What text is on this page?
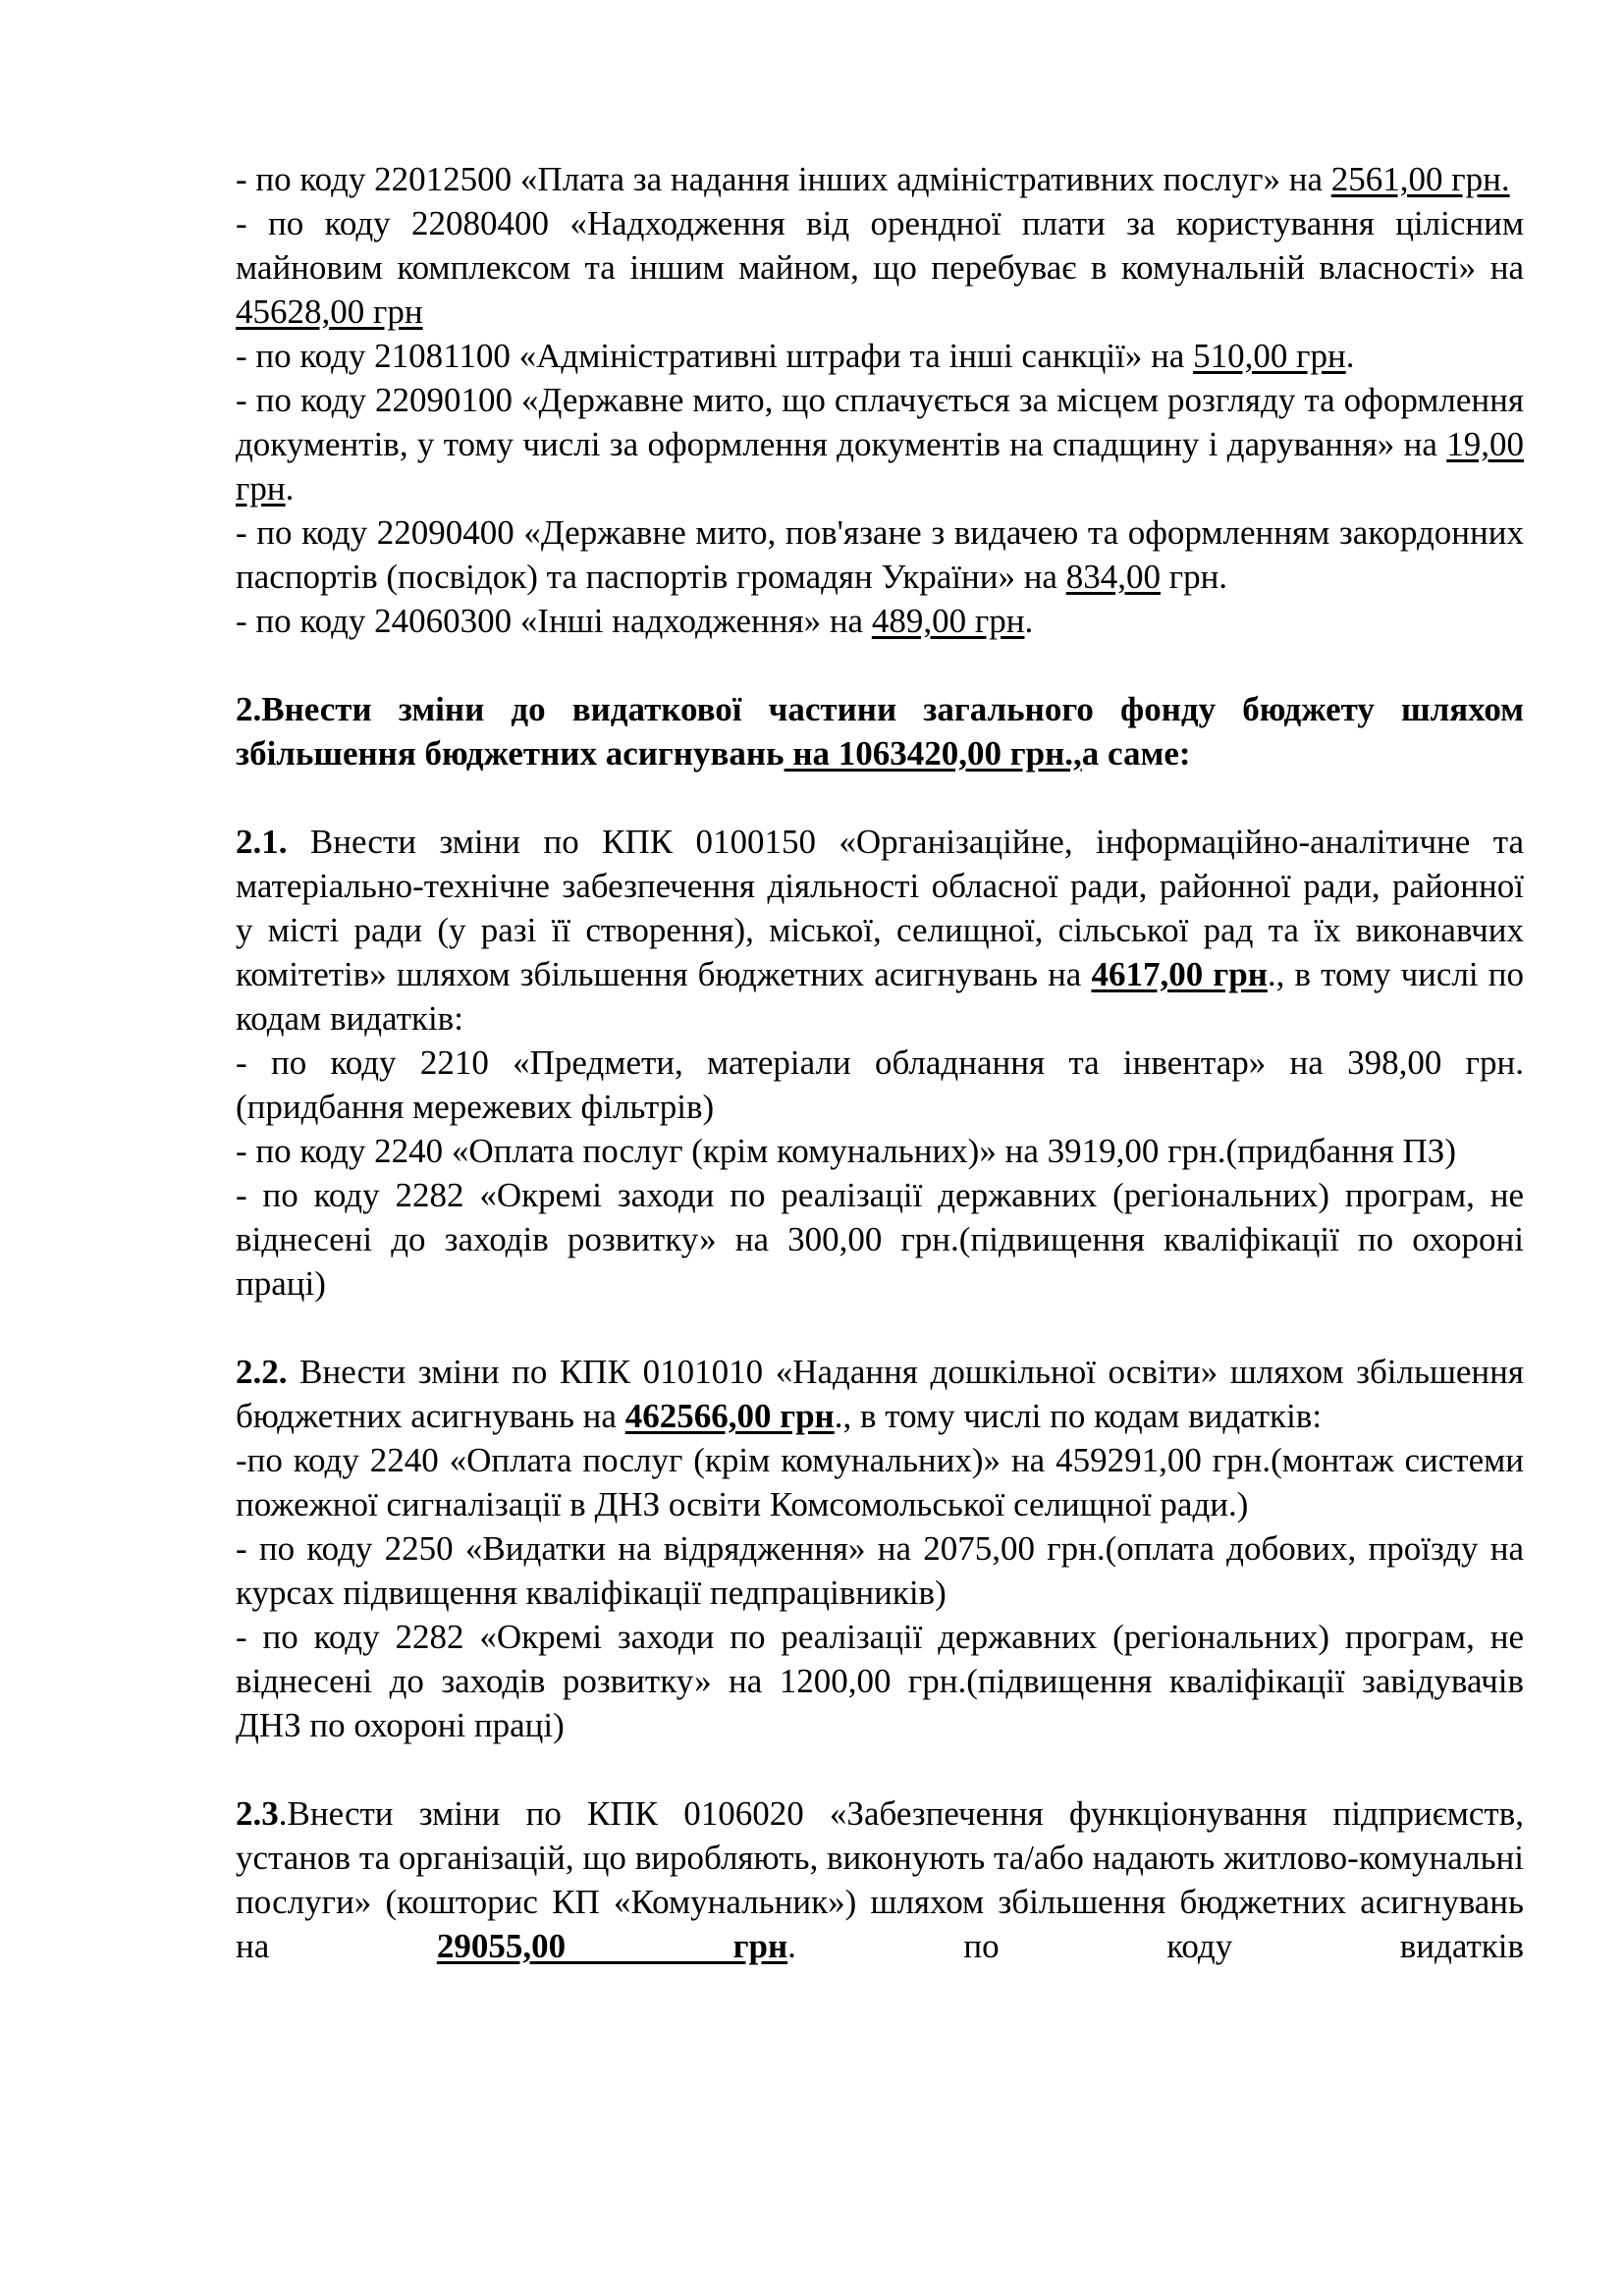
- по коду 22012500 «Плата за надання інших адміністративних послуг» на 2561,00 грн.

- по коду 22080400 «Надходження від орендної плати за користування цілісним майновим комплексом та іншим майном, що перебуває в комунальній власності» на 45628,00 грн

- по коду 21081100 «Адміністративні штрафи та інші санкції» на 510,00 грн.

- по коду 22090100 «Державне мито, що сплачується за місцем розгляду та оформлення документів, у тому числі за оформлення документів на спадщину і дарування» на 19,00 грн.

- по коду 22090400 «Державне мито, пов'язане з видачею та оформленням закордонних паспортів (посвідок) та паспортів громадян України» на 834,00 грн.

- по коду 24060300 «Інші надходження» на 489,00 грн.

2.Внести зміни до видаткової частини загального фонду бюджету шляхом збільшення бюджетних асигнувань на 1063420,00 грн.,а саме:

2.1. Внести зміни по КПК 0100150 «Організаційне, інформаційно-аналітичне та матеріально-технічне забезпечення діяльності обласної ради, районної ради, районної у місті ради (у разі її створення), міської, селищної, сільської рад та їх виконавчих комітетів» шляхом збільшення бюджетних асигнувань на 4617,00 грн., в тому числі по кодам видатків:

- по коду 2210 «Предмети, матеріали обладнання та інвентар» на 398,00 грн.(придбання мережевих фільтрів)

- по коду 2240 «Оплата послуг (крім комунальних)» на 3919,00 грн.(придбання ПЗ)

- по коду 2282 «Окремі заходи по реалізації державних (регіональних) програм, не віднесені до заходів розвитку» на 300,00 грн.(підвищення кваліфікації по охороні праці)

2.2. Внести зміни по КПК 0101010 «Надання дошкільної освіти» шляхом збільшення бюджетних асигнувань на 462566,00 грн., в тому числі по кодам видатків:

-по коду 2240 «Оплата послуг (крім комунальних)» на 459291,00 грн.(монтаж системи пожежної сигналізації в ДНЗ освіти Комсомольської селищної ради.)

- по коду 2250 «Видатки на відрядження» на 2075,00 грн.(оплата добових, проїзду на курсах підвищення кваліфікації педпрацівників)

- по коду 2282 «Окремі заходи по реалізації державних (регіональних) програм, не віднесені до заходів розвитку» на 1200,00 грн.(підвищення кваліфікації завідувачів ДНЗ по охороні праці)

2.3.Внести зміни по КПК 0106020 «Забезпечення функціонування підприємств, установ та організацій, що виробляють, виконують та/або надають житлово-комунальні послуги» (кошторис КП «Комунальник») шляхом збільшення бюджетних асигнувань на 29055,00 грн. по коду видатків
